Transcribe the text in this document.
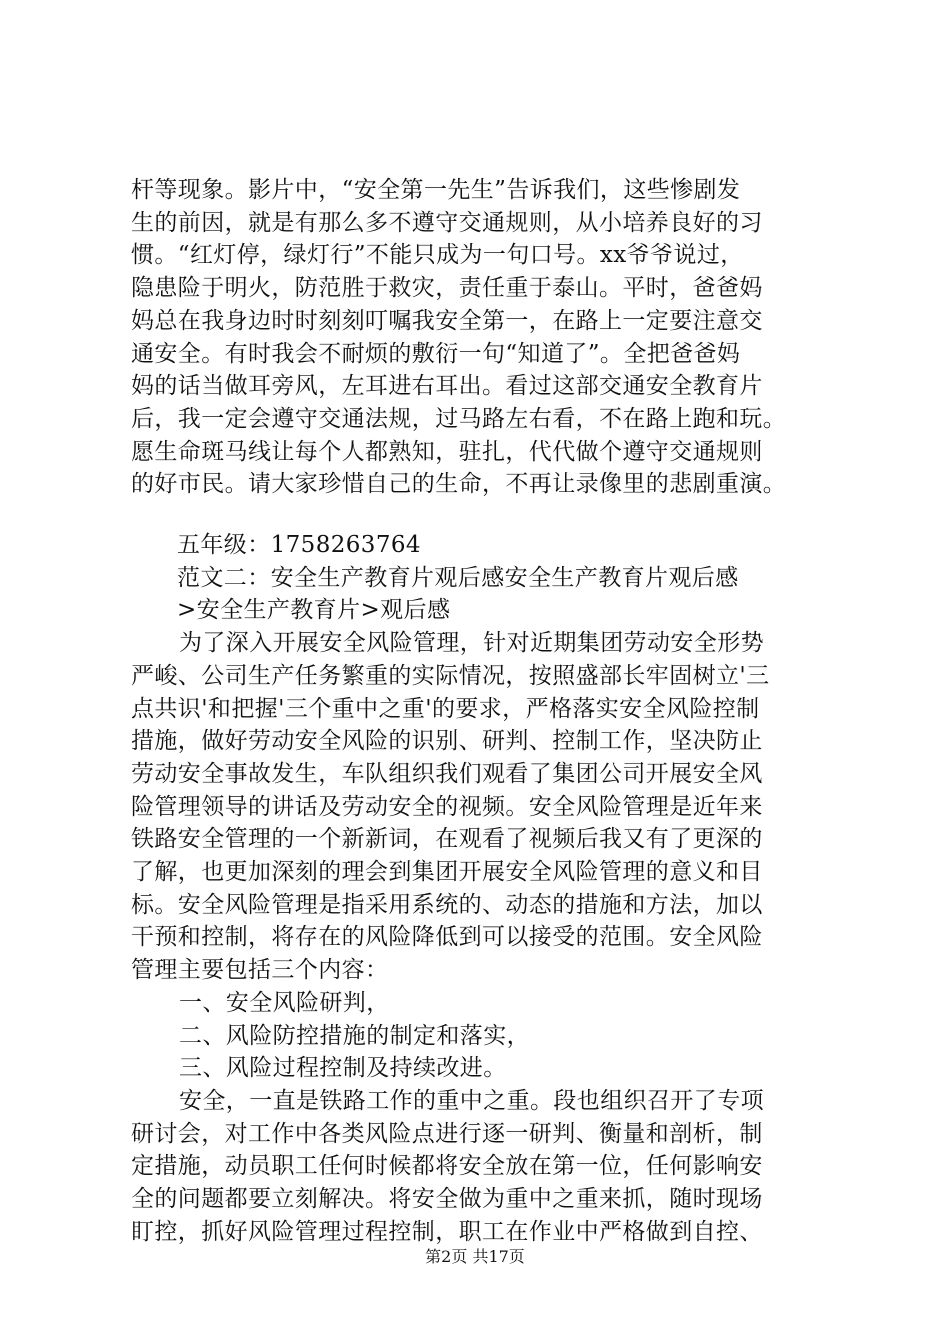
杆等现象。影片中，“安全第一先生”告诉我们，这些惨剧发
生的前因，就是有那么多不遵守交通规则，从小培养良好的习
惯。“红灯停，绿灯行”不能只成为一句口号。xx爷爷说过，
隐患险于明火，防范胜于救灾，责任重于泰山。平时，爸爸妈
妈总在我身边时时刻刻叮嘱我安全第一，在路上一定要注意交
通安全。有时我会不耐烦的敷衍一句“知道了”。全把爸爸妈
妈的话当做耳旁风，左耳进右耳出。看过这部交通安全教育片
后，我一定会遵守交通法规，过马路左右看，不在路上跑和玩。
愿生命斑马线让每个人都熟知，驻扎，代代做个遵守交通规则
的好市民。请大家珍惜自己的生命，不再让录像里的悲剧重演。
五年级：1758263764
范文二：安全生产教育片观后感安全生产教育片观后感
>安全生产教育片>观后感
为了深入开展安全风险管理，针对近期集团劳动安全形势
严峻、公司生产任务繁重的实际情况，按照盛部长牢固树立'三
点共识'和把握'三个重中之重'的要求，严格落实安全风险控制
措施，做好劳动安全风险的识别、研判、控制工作，坚决防止
劳动安全事故发生，车队组织我们观看了集团公司开展安全风
险管理领导的讲话及劳动安全的视频。安全风险管理是近年来
铁路安全管理的一个新新词，在观看了视频后我又有了更深的
了解，也更加深刻的理会到集团开展安全风险管理的意义和目
标。安全风险管理是指采用系统的、动态的措施和方法，加以
干预和控制，将存在的风险降低到可以接受的范围。安全风险
管理主要包括三个内容：
一、安全风险研判，
二、风险防控措施的制定和落实，
三、风险过程控制及持续改进。
安全，一直是铁路工作的重中之重。段也组织召开了专项
研讨会，对工作中各类风险点进行逐一研判、衡量和剖析，制
定措施，动员职工任何时候都将安全放在第一位，任何影响安
全的问题都要立刻解决。将安全做为重中之重来抓，随时现场
盯控，抓好风险管理过程控制，职工在作业中严格做到自控、
第2页 共17页
